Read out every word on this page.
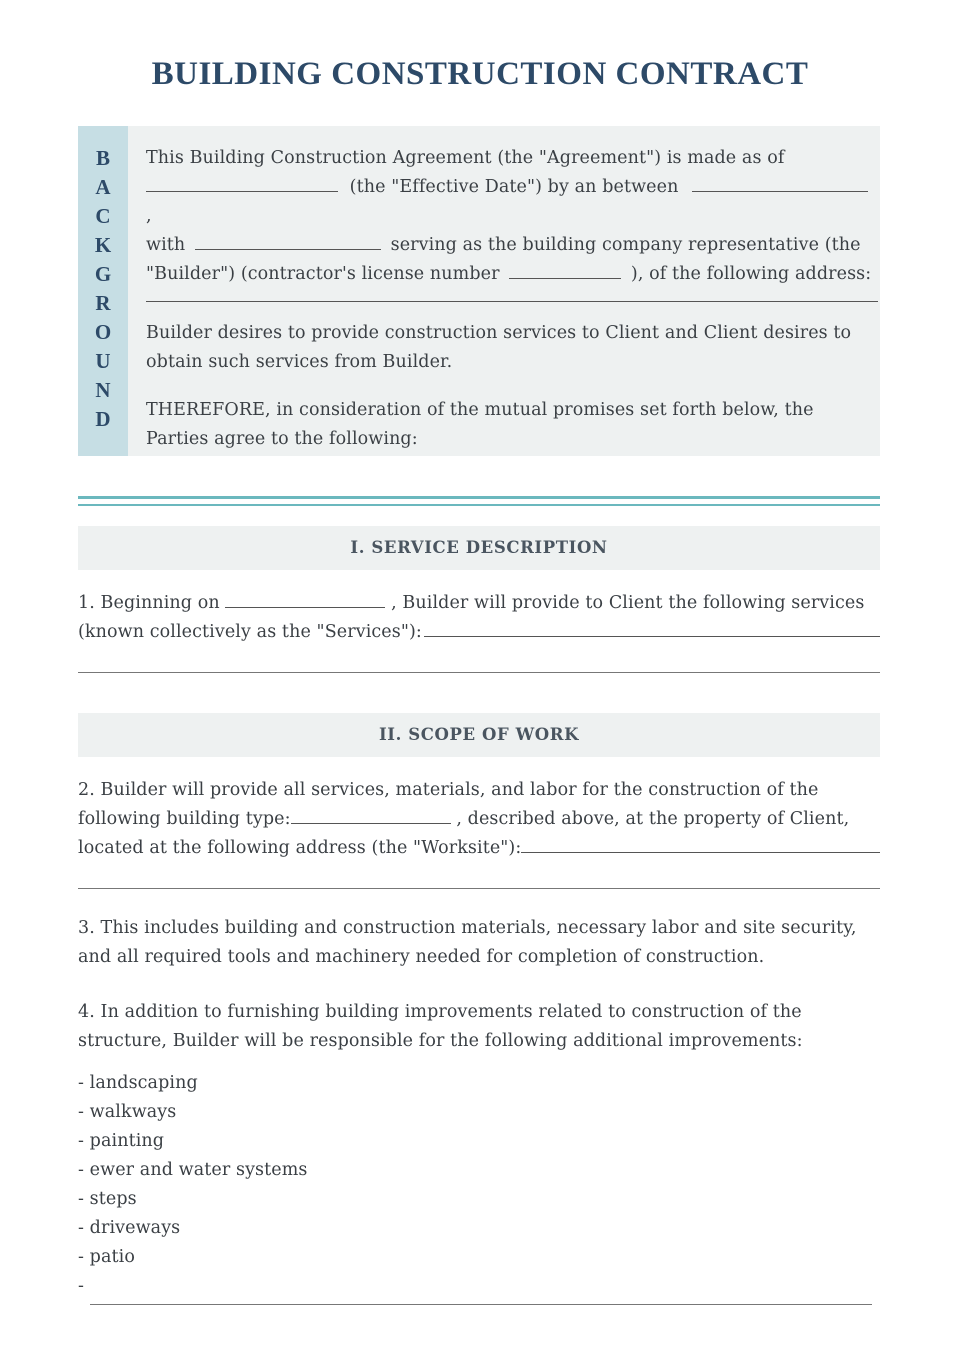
BUILDING CONSTRUCTION CONTRACT
B
A
C
K
G
R
O
U
N
D
This Building Construction Agreement (the "Agreement") is made as of
(the "Effective Date") by an between  ,
with	serving as the building company representative (the
"Builder") (contractor's license number	), of the following address:
Builder desires to provide construction services to Client and Client desires to obtain such services from Builder.
THEREFORE, in consideration of the mutual promises set forth below, the Parties agree to the following:
I. SERVICE DESCRIPTION
1. Beginning on	, Builder will provide to Client the following services
(known collectively as the "Services"):
II. SCOPE OF WORK
2. Builder will provide all services, materials, and labor for the construction of the
following building type:	, described above, at the property of Client,
located at the following address (the "Worksite"):
3. This includes building and construction materials, necessary labor and site security, and all required tools and machinery needed for completion of construction.
4. In addition to furnishing building improvements related to construction of the structure, Builder will be responsible for the following additional improvements:
- landscaping
- walkways
- painting
- ewer and water systems
- steps
- driveways
- patio
-
